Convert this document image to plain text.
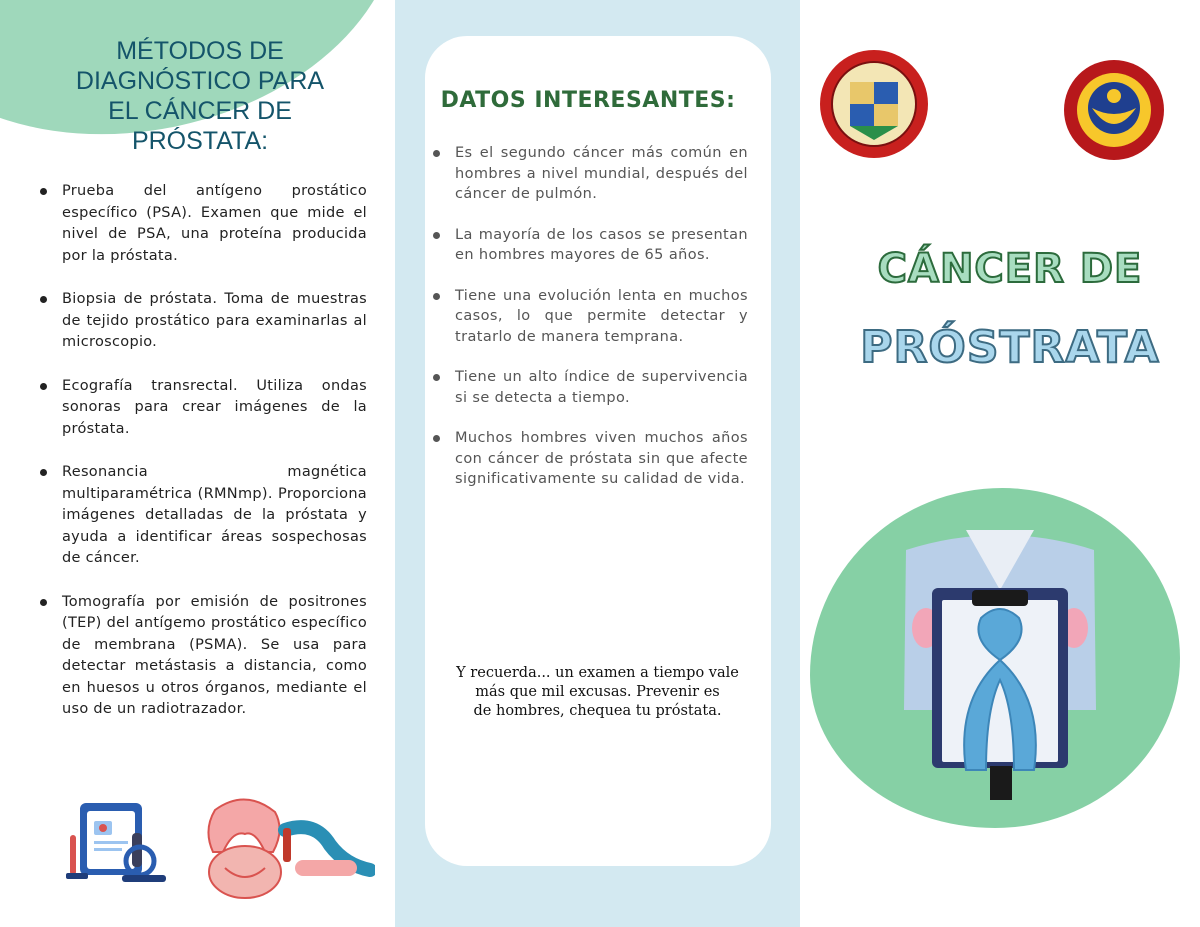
MÉTODOS DE
DIAGNÓSTICO PARA
EL CÁNCER DE
PRÓSTATA:
Prueba del antígeno prostático específico (PSA). Examen que mide el nivel de PSA, una proteína producida por la próstata.
Biopsia de próstata. Toma de muestras de tejido prostático para examinarlas al microscopio.
Ecografía transrectal. Utiliza ondas sonoras para crear imágenes de la próstata.
Resonancia magnética multiparamétrica (RMNmp). Proporciona imágenes detalladas de la próstata y ayuda a identificar áreas sospechosas de cáncer.
Tomografía por emisión de positrones (TEP) del antígemo prostático específico de membrana (PSMA). Se usa para detectar metástasis a distancia, como en huesos u otros órganos, mediante el uso de un radiotrazador.
DATOS INTERESANTES:
Es el segundo cáncer más común en hombres a nivel mundial, después del cáncer de pulmón.
La mayoría de los casos se presentan en hombres mayores de 65 años.
Tiene una evolución lenta en muchos casos, lo que permite detectar y tratarlo de manera temprana.
Tiene un alto índice de supervivencia si se detecta a tiempo.
Muchos hombres viven muchos años con cáncer de próstata sin que afecte significativamente su calidad de vida.
Y recuerda... un examen a tiempo vale
más que mil excusas. Prevenir es
de hombres, chequea tu próstata.
CÁNCER DE
PRÓSTRATA
